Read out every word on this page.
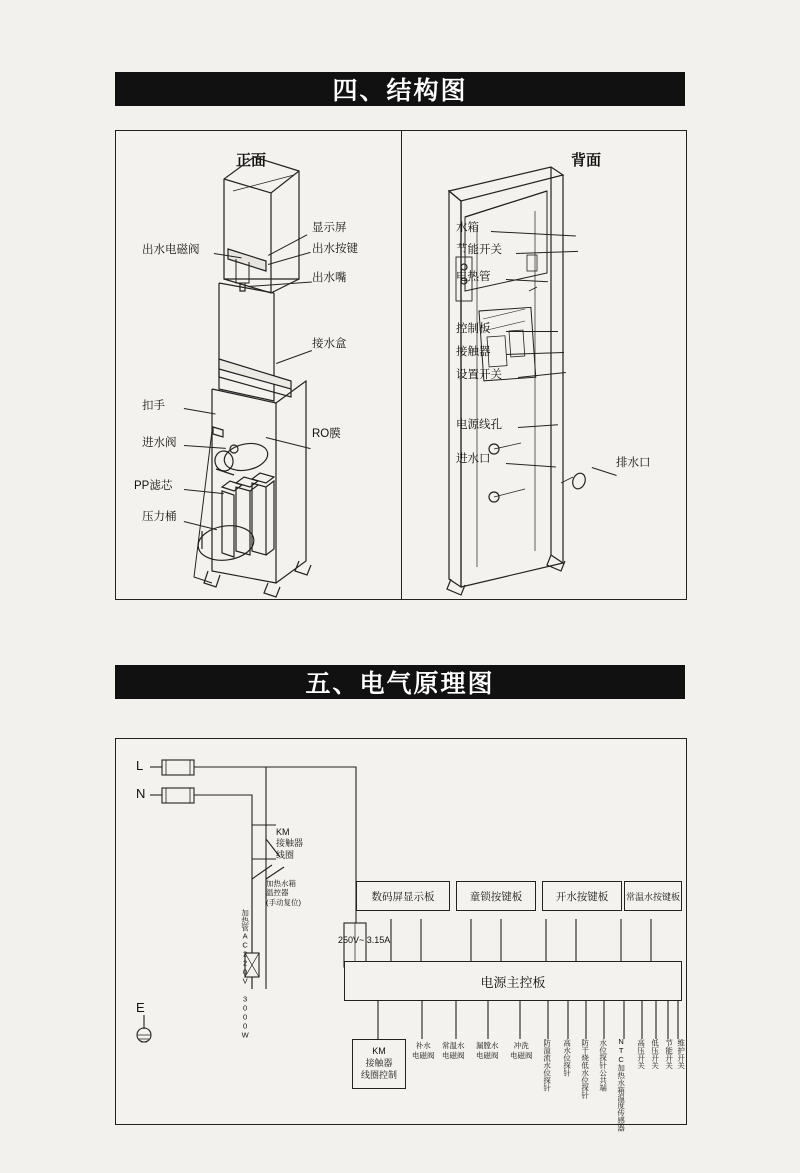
四、结构图
正面	背面
出水电磁阀
扣手
进水阀
PP滤芯
压力桶
显示屏
出水按键
出水嘴
接水盒
RO膜
水箱
节能开关
电热管
控制板
接触器
设置开关
电源线孔
进水口	排水口
五、电气原理图
L
N
E
KM
接触器
线圈
加热水箱
温控器
(手动复位)
加热管AC220V 3000W	250V~ 3.15A
数码屏显示板	童锁按键板	开水按键板
电源主控板
KM
接触器
线圈控制
补水
电磁阀
常温水
电磁阀
漏膛水
电磁阀
冲洗
电磁阀 防溢流水位探针 高水位探针 防干烧低水位探针 水位探针公共端 NTC加热水箱温度传感器 高压开关 低压开关 节能开关 维护开关
常温水按键板
